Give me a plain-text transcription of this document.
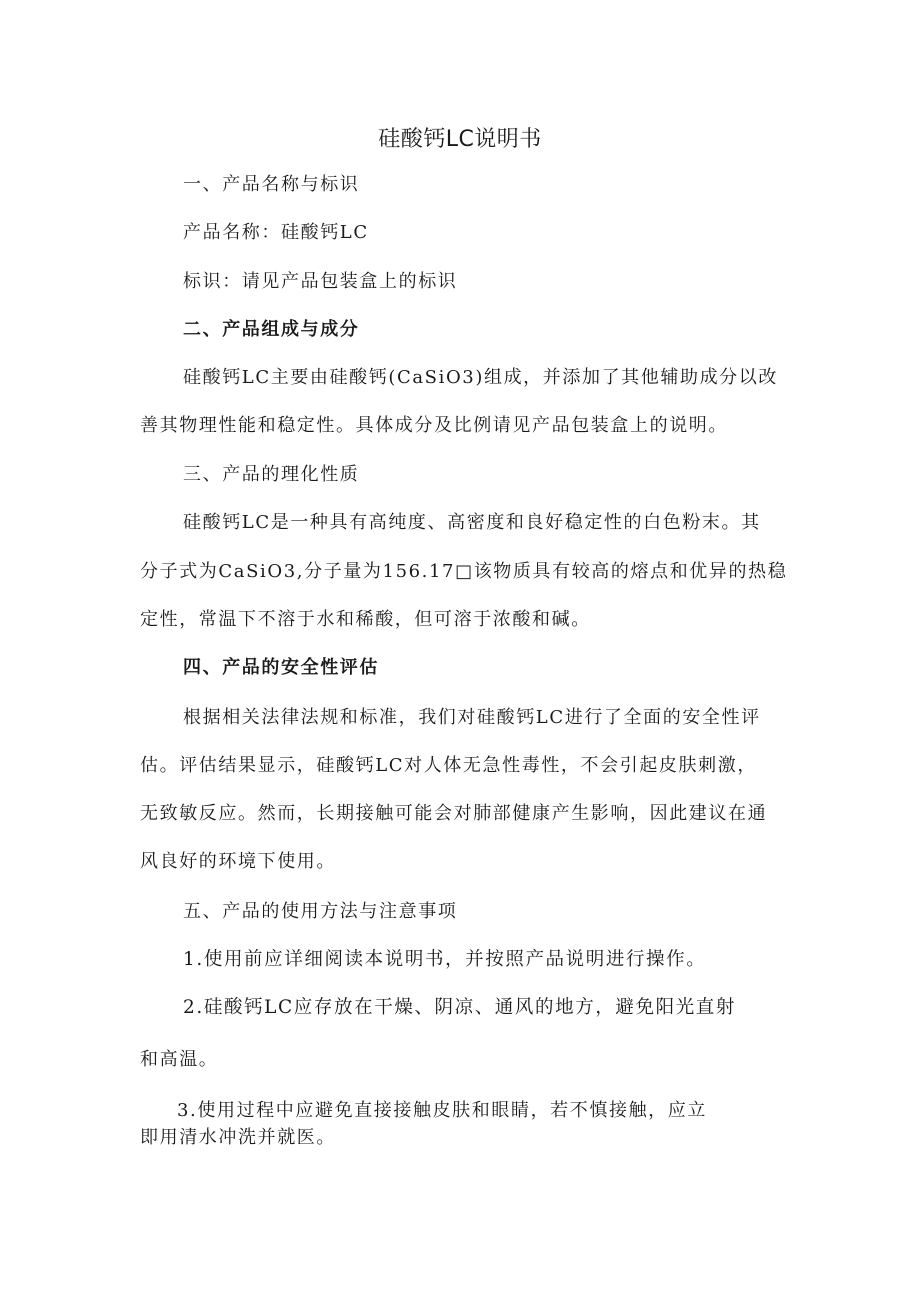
硅酸钙LC说明书

一、产品名称与标识

产品名称：硅酸钙LC

标识：请见产品包装盒上的标识

二、产品组成与成分

硅酸钙LC主要由硅酸钙(CaSiO3)组成，并添加了其他辅助成分以改

善其物理性能和稳定性。具体成分及比例请见产品包装盒上的说明。

三、产品的理化性质

硅酸钙LC是一种具有高纯度、高密度和良好稳定性的白色粉末。其

分子式为CaSiO3,分子量为156.17□该物质具有较高的熔点和优异的热稳

定性，常温下不溶于水和稀酸，但可溶于浓酸和碱。

四、产品的安全性评估

根据相关法律法规和标准，我们对硅酸钙LC进行了全面的安全性评

估。评估结果显示，硅酸钙LC对人体无急性毒性，不会引起皮肤刺激，

无致敏反应。然而，长期接触可能会对肺部健康产生影响，因此建议在通

风良好的环境下使用。

五、产品的使用方法与注意事项

1.使用前应详细阅读本说明书，并按照产品说明进行操作。

2.硅酸钙LC应存放在干燥、阴凉、通风的地方，避免阳光直射

和高温。

3.使用过程中应避免直接接触皮肤和眼睛，若不慎接触，应立

即用清水冲洗并就医。
